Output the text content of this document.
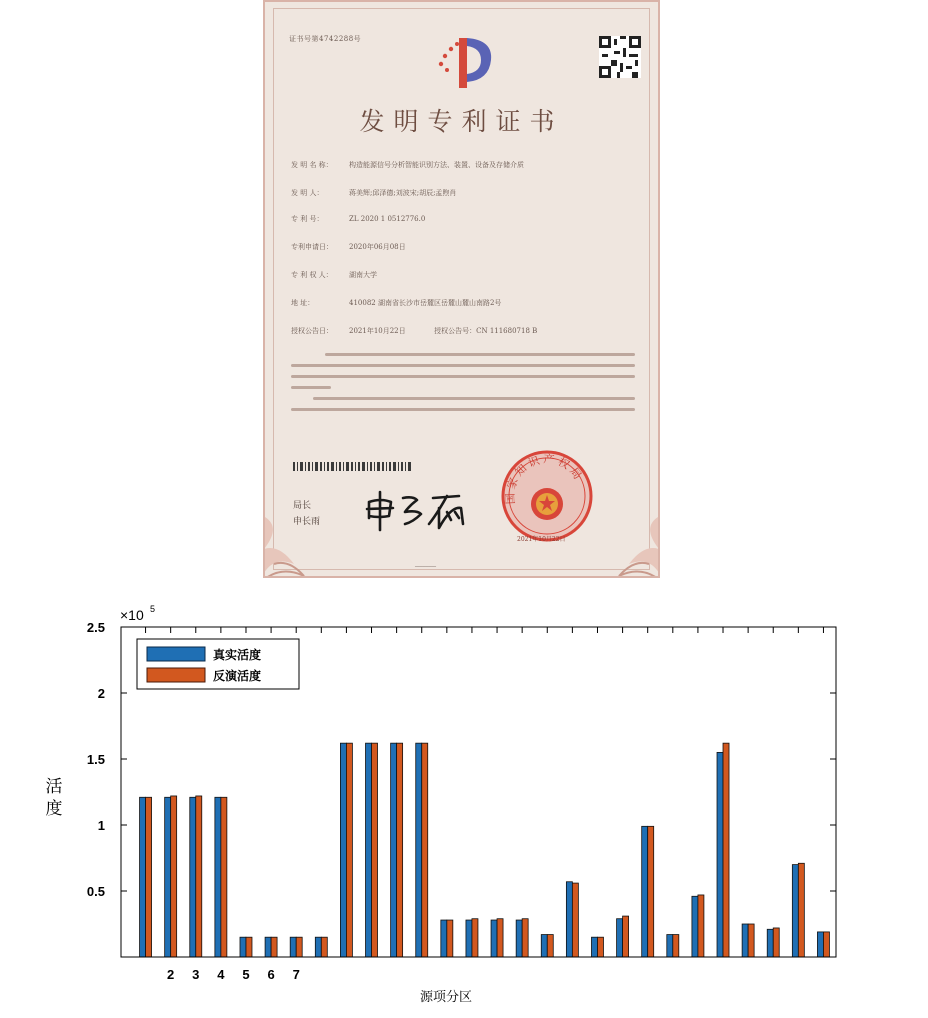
证书号第4742288号
发明专利证书
发 明 名 称： 构造能源信号分析智能识别方法、装置、设备及存储介质
发 明 人：	蒋美辉;邱泽德;刘波宋;胡辰;孟煦肖
专 利 号：	ZL 2020 1 0512776.0
专利申请日： 2020年06月08日
专 利 权 人： 湖南大学
地 址：	410082 湖南省长沙市岳麓区岳麓山麓山南路2号
授权公告日： 2021年10月22日	授权公告号：CN 111680718 B
局长
申长雨
国家知识产权局
2021年10月22日
───────
0.5
1
1.5
2
2.5
2 3 4 5 6 7
×10 5
真实活度
反演活度
活度
源项分区
